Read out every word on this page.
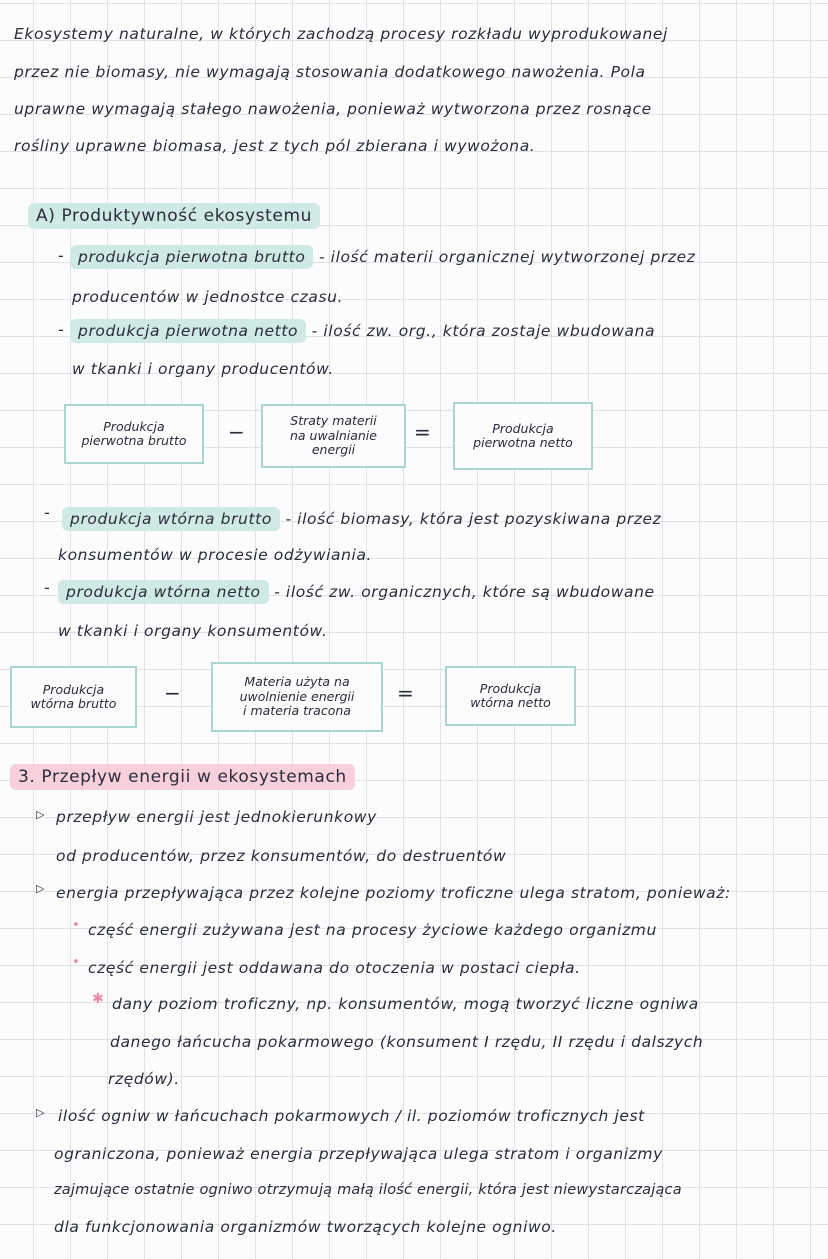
Ekosystemy naturalne, w których zachodzą procesy rozkładu wyprodukowanej
przez nie biomasy, nie wymagają stosowania dodatkowego nawożenia. Pola
uprawne wymagają stałego nawożenia, ponieważ wytworzona przez rosnące
rośliny uprawne biomasa, jest z tych pól zbierana i wywożona.
A) Produktywność ekosystemu
- produkcja pierwotna brutto - ilość materii organicznej wytworzonej przez
producentów w jednostce czasu.
- produkcja pierwotna netto - ilość zw. org., która zostaje wbudowana
w tkanki i organy producentów.
Produkcja
pierwotna brutto −	Straty materii
na uwalnianie
energii
=	Produkcja
pierwotna netto
-	produkcja wtórna brutto - ilość biomasy, która jest pozyskiwana przez
konsumentów w procesie odżywiania.
-	produkcja wtórna netto - ilość zw. organicznych, które są wbudowane
w tkanki i organy konsumentów.
Produkcja
wtórna brutto −	Materia użyta na
uwolnienie energii
i materia tracona
=	Produkcja
wtórna netto
3. Przepływ energii w ekosystemach
▷ przepływ energii jest jednokierunkowy
od producentów, przez konsumentów, do destruentów
▷ energia przepływająca przez kolejne poziomy troficzne ulega stratom, ponieważ:
• część energii zużywana jest na procesy życiowe każdego organizmu
• część energii jest oddawana do otoczenia w postaci ciepła.
✱ dany poziom troficzny, np. konsumentów, mogą tworzyć liczne ogniwa
danego łańcucha pokarmowego (konsument I rzędu, II rzędu i dalszych
rzędów).
▷ ilość ogniw w łańcuchach pokarmowych / il. poziomów troficznych jest
ograniczona, ponieważ energia przepływająca ulega stratom i organizmy
zajmujące ostatnie ogniwo otrzymują małą ilość energii, która jest niewystarczająca
dla funkcjonowania organizmów tworzących kolejne ogniwo.
